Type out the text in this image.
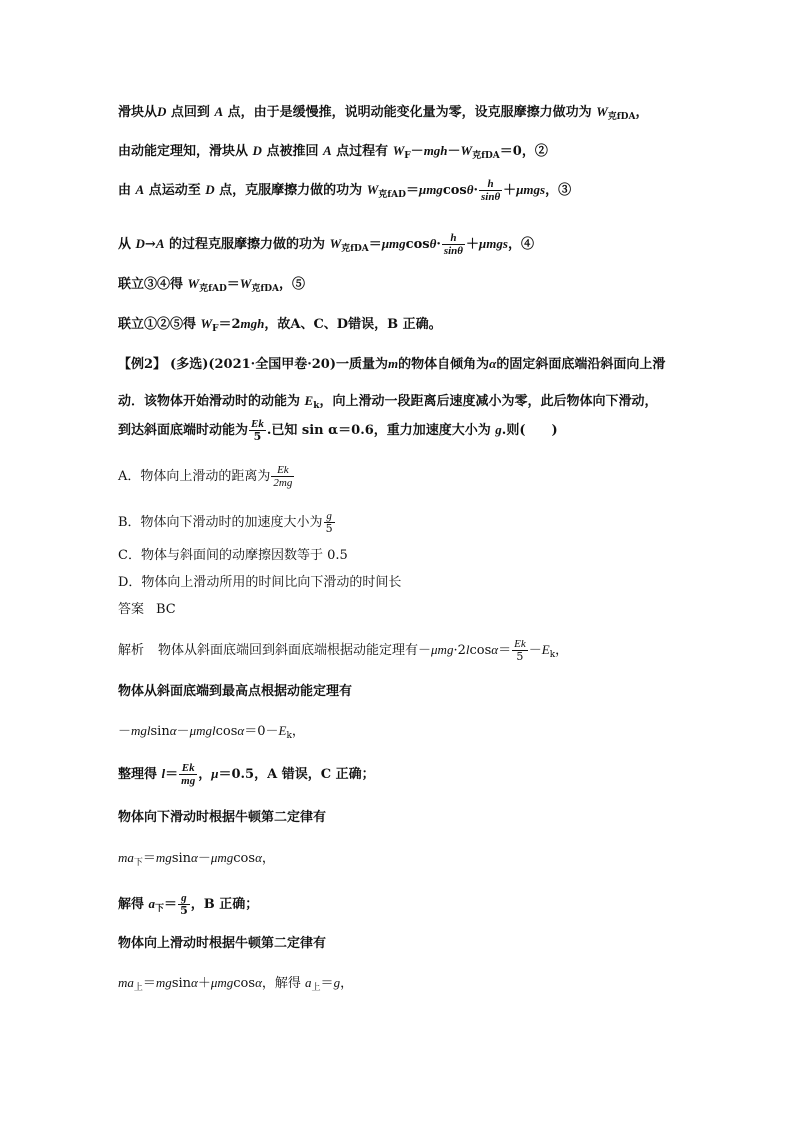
滑块从D 点回到 A 点，由于是缓慢推，说明动能变化量为零，设克服摩擦力做功为 $W_{克fDA}$，
由动能定理知，滑块从 D 点被推回 A 点过程有 $W_F-mgh-W_{克fDA}=0$，②
由 A 点运动至 D 点，克服摩擦力做的功为 $W_{克fAD}=\mu mgcos\theta\cdot \frac{h}{\sin\theta} +\mu mgs$，③
从 D→A 的过程克服摩擦力做的功为 $W_{克fDA}=\mu mgcos\theta\cdot \frac{h}{\sin\theta} +\mu mgs$，④
联立③④得 $W_{克fAD}=W_{克fDA}$，⑤
联立①②⑤得 $W_F=2mgh$，故A、C、D错误，B 正确。
【例2】 (多选)(2021·全国甲卷·20)一质量为m的物体自倾角为α的固定斜面底端沿斜面向上滑
动．该物体开始滑动时的动能为 $E_k$，向上滑动一段距离后速度减小为零，此后物体向下滑动，
到达斜面底端时动能为 $\frac{Ek}{5}$ .已知 sin α＝0.6，重力加速度大小为 g.则(　　)
A．物体向上滑动的距离为 $\frac{Ek}{2mg}$
B．物体向下滑动时的加速度大小为 $\frac{g}{5}$
C．物体与斜面间的动摩擦因数等于 0.5
D．物体向上滑动所用的时间比向下滑动的时间长
答案 BC
解析 物体从斜面底端回到斜面底端根据动能定理有$-\mu mg\cdot 2lcos\alpha= \frac{Ek}{5} -E_k$，
物体从斜面底端到最高点根据动能定理有
$-mglsin\alpha-\mu mglcos\alpha=0-E_k$，
整理得 $l= \frac{Ek}{mg}$ ，μ＝0.5，A 错误，C 正确；
物体向下滑动时根据牛顿第二定律有
$ma_下=mgsin\alpha-\mu mgcos\alpha$，
解得 $a_下= \frac{g}{5}$ ，B 正确；
物体向上滑动时根据牛顿第二定律有
$ma_上=mgsin\alpha+\mu mgcos\alpha$，解得 $a_上=g$，
